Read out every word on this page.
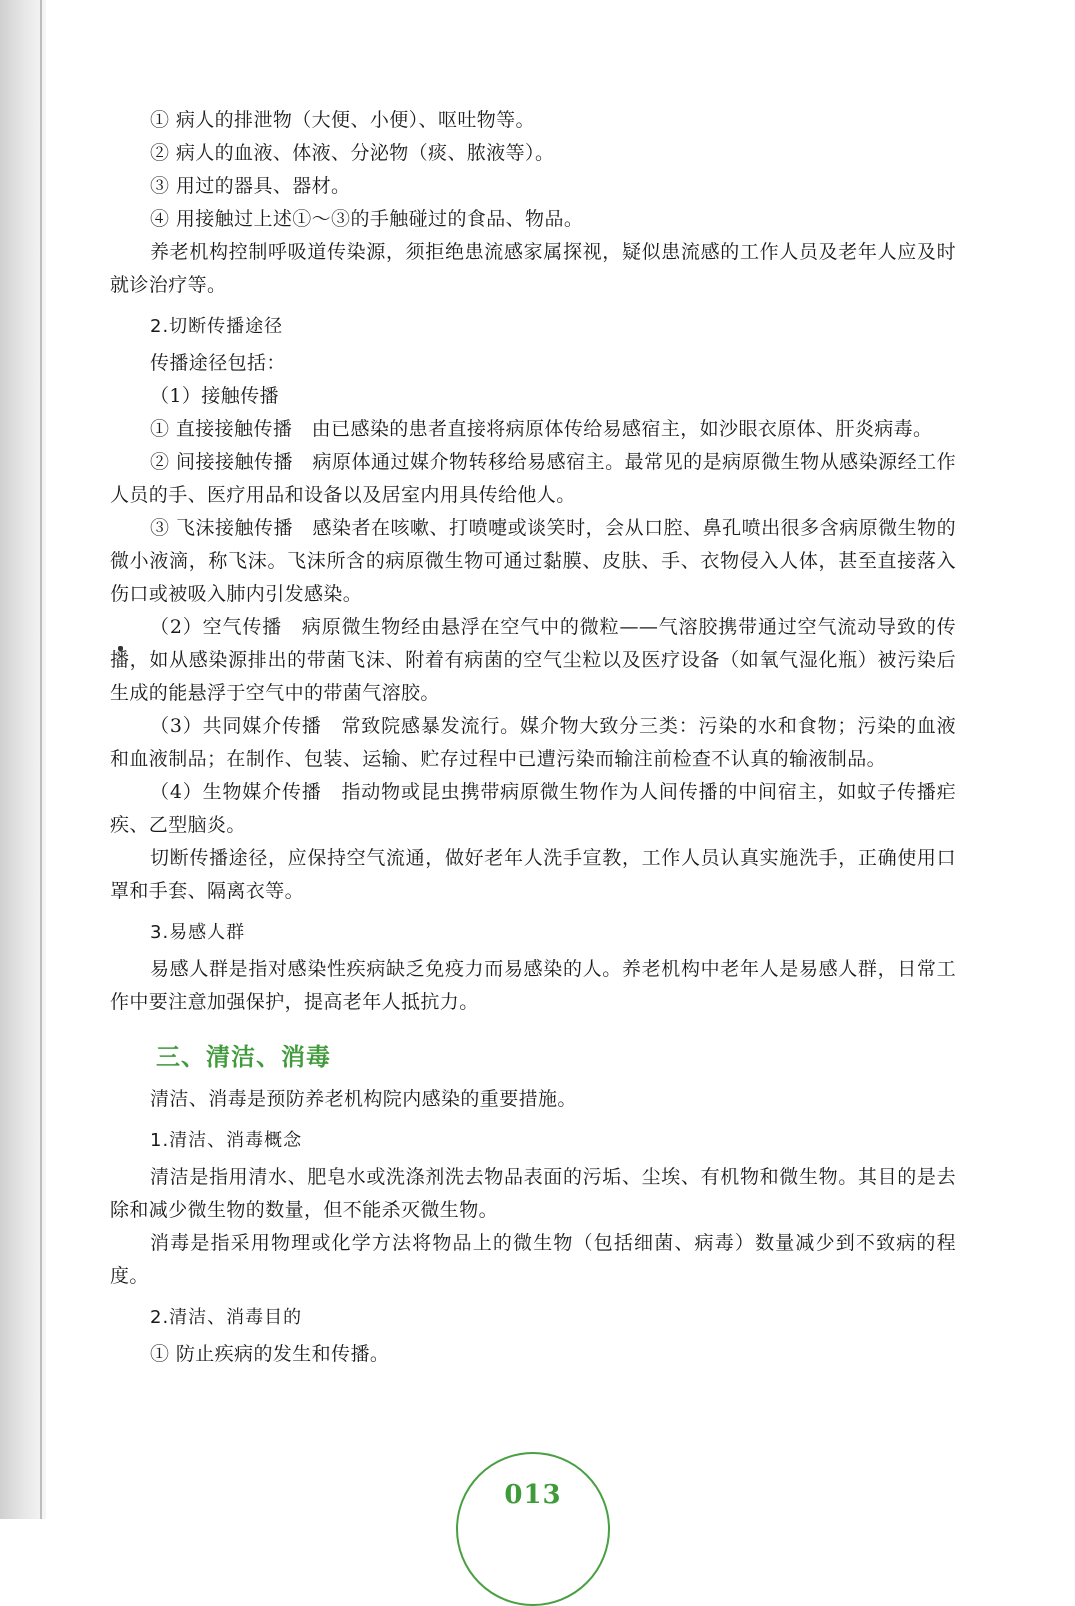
① 病人的排泄物（大便、小便）、呕吐物等。

② 病人的血液、体液、分泌物（痰、脓液等）。

③ 用过的器具、器材。

④ 用接触过上述①～③的手触碰过的食品、物品。

养老机构控制呼吸道传染源，须拒绝患流感家属探视，疑似患流感的工作人员及老年人应及时就诊治疗等。

2.切断传播途径

传播途径包括：

（1）接触传播

① 直接接触传播　由已感染的患者直接将病原体传给易感宿主，如沙眼衣原体、肝炎病毒。

② 间接接触传播　病原体通过媒介物转移给易感宿主。最常见的是病原微生物从感染源经工作人员的手、医疗用品和设备以及居室内用具传给他人。

③ 飞沫接触传播　感染者在咳嗽、打喷嚏或谈笑时，会从口腔、鼻孔喷出很多含病原微生物的微小液滴，称飞沫。飞沫所含的病原微生物可通过黏膜、皮肤、手、衣物侵入人体，甚至直接落入伤口或被吸入肺内引发感染。

（2）空气传播　病原微生物经由悬浮在空气中的微粒——气溶胶携带通过空气流动导致的传播，如从感染源排出的带菌飞沫、附着有病菌的空气尘粒以及医疗设备（如氧气湿化瓶）被污染后生成的能悬浮于空气中的带菌气溶胶。

（3）共同媒介传播　常致院感暴发流行。媒介物大致分三类：污染的水和食物；污染的血液和血液制品；在制作、包装、运输、贮存过程中已遭污染而输注前检查不认真的输液制品。

（4）生物媒介传播　指动物或昆虫携带病原微生物作为人间传播的中间宿主，如蚊子传播疟疾、乙型脑炎。

切断传播途径，应保持空气流通，做好老年人洗手宣教，工作人员认真实施洗手，正确使用口罩和手套、隔离衣等。

3.易感人群

易感人群是指对感染性疾病缺乏免疫力而易感染的人。养老机构中老年人是易感人群，日常工作中要注意加强保护，提高老年人抵抗力。

三、清洁、消毒

清洁、消毒是预防养老机构院内感染的重要措施。

1.清洁、消毒概念

清洁是指用清水、肥皂水或洗涤剂洗去物品表面的污垢、尘埃、有机物和微生物。其目的是去除和减少微生物的数量，但不能杀灭微生物。

消毒是指采用物理或化学方法将物品上的微生物（包括细菌、病毒）数量减少到不致病的程度。

2.清洁、消毒目的

① 防止疾病的发生和传播。

013
